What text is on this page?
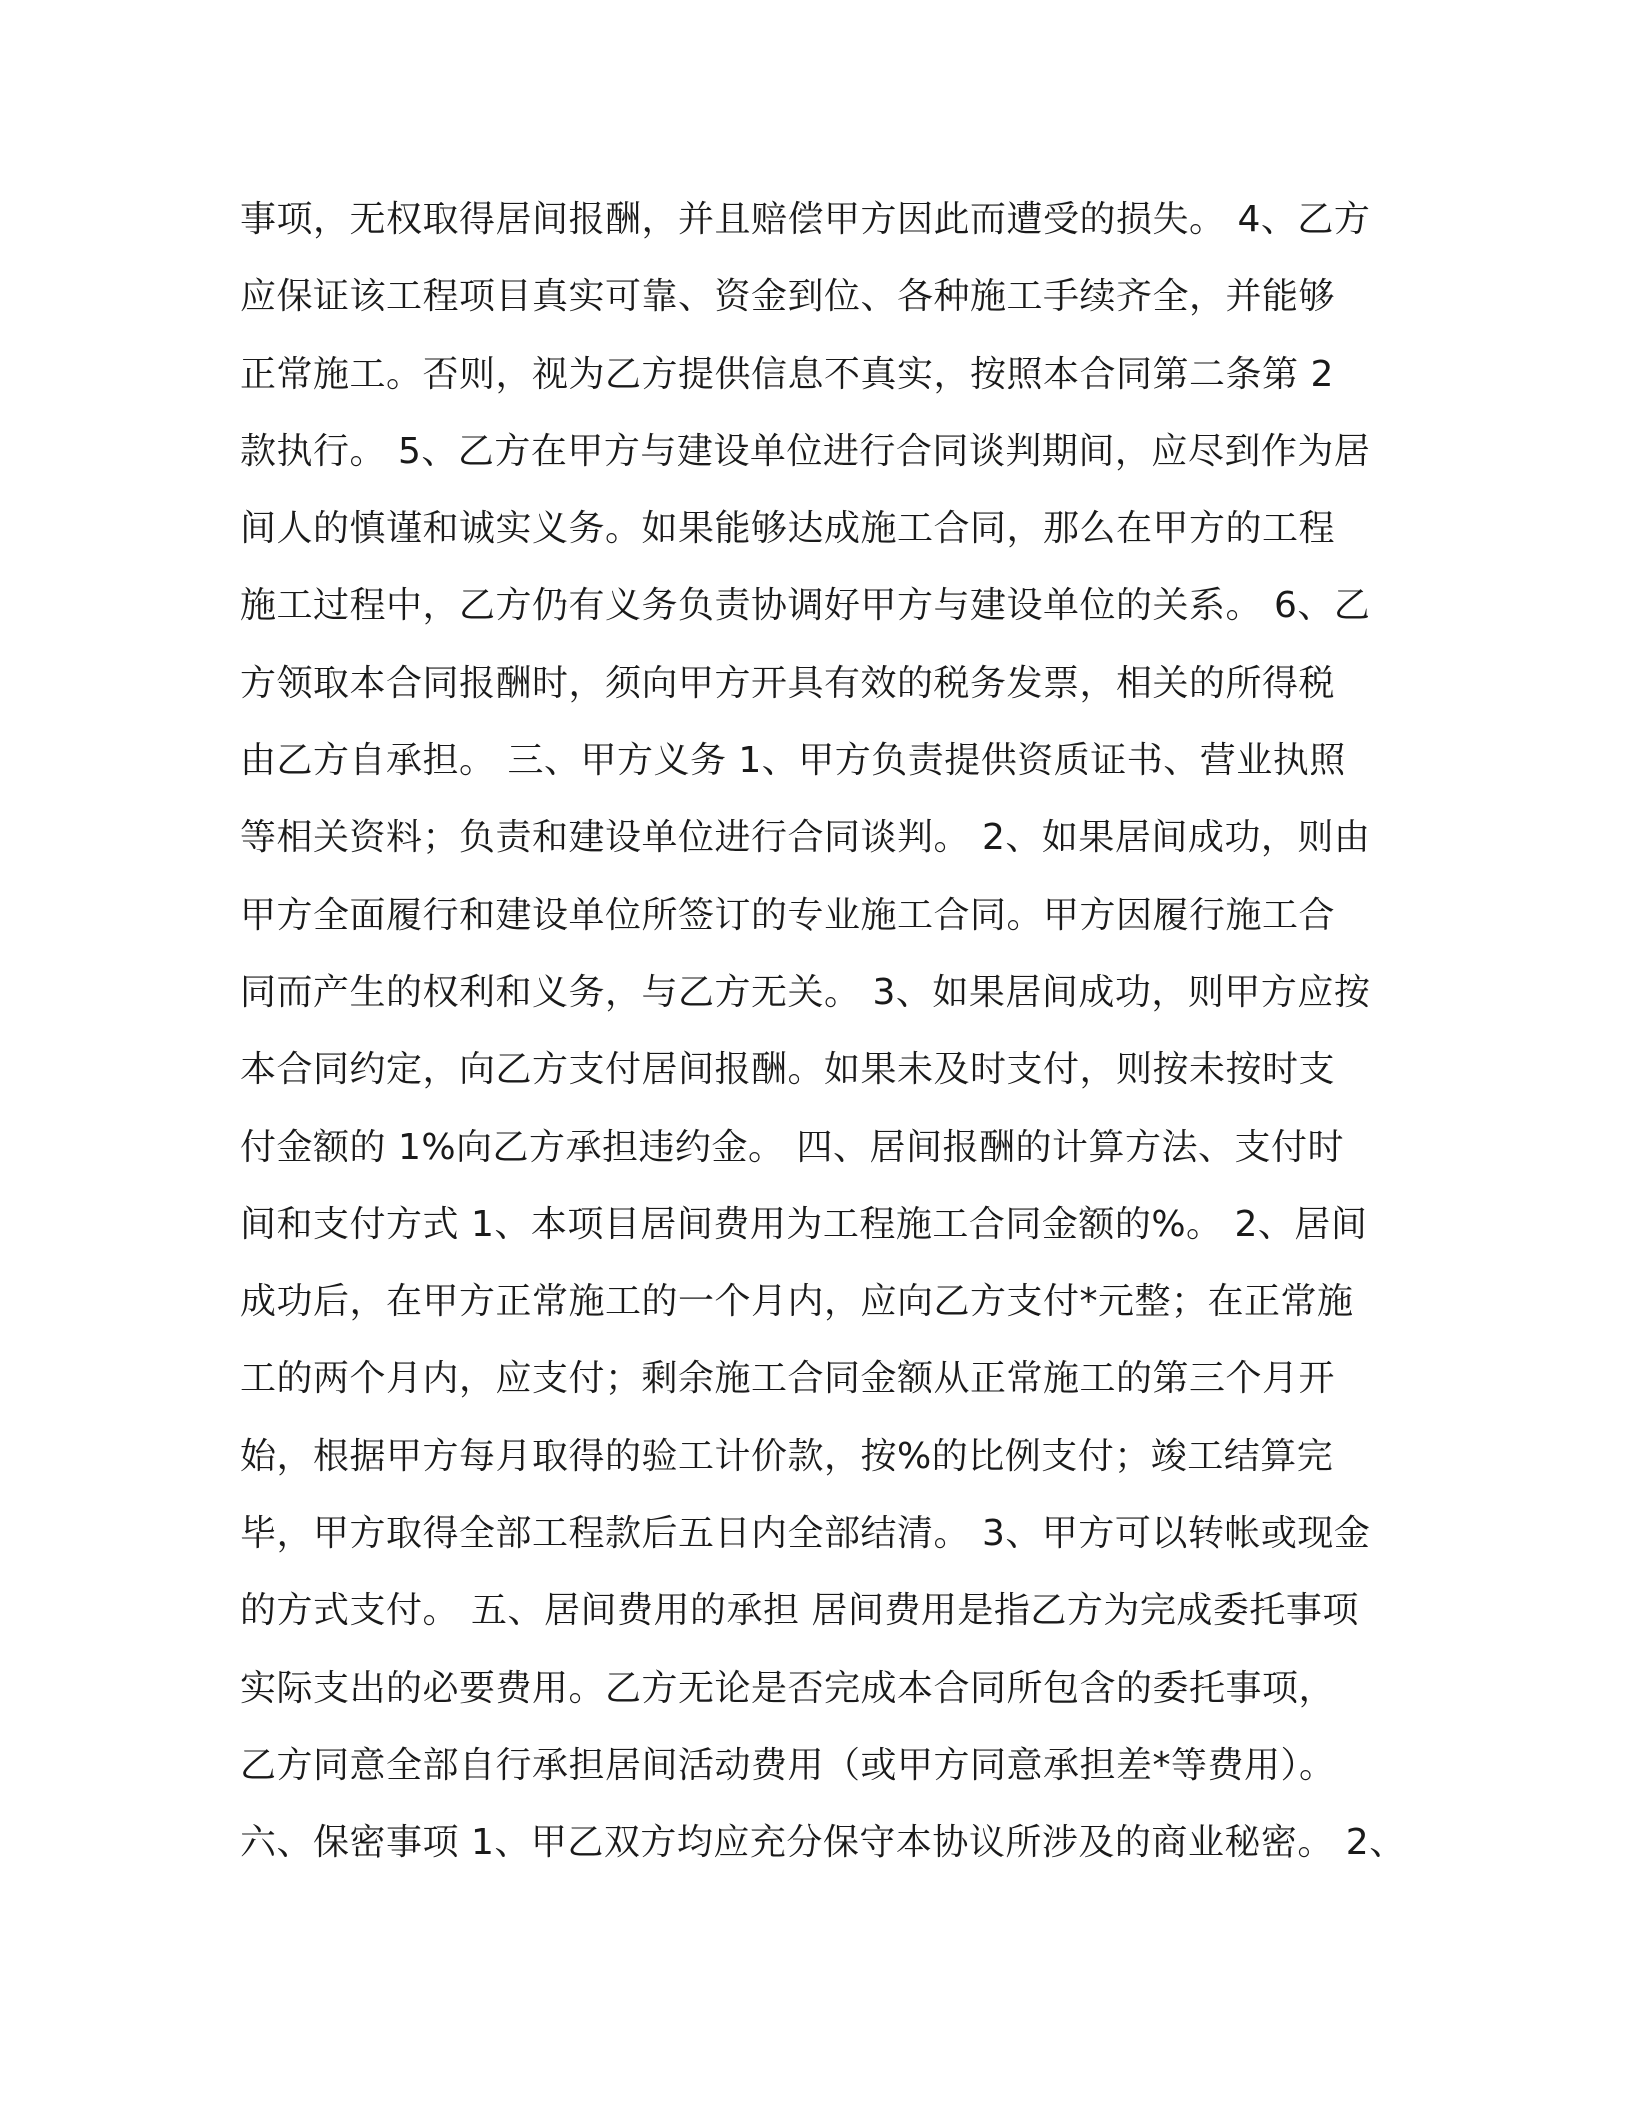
事项，无权取得居间报酬，并且赔偿甲方因此而遭受的损失。 4、乙方
应保证该工程项目真实可靠、资金到位、各种施工手续齐全，并能够
正常施工。否则，视为乙方提供信息不真实，按照本合同第二条第 2
款执行。 5、乙方在甲方与建设单位进行合同谈判期间，应尽到作为居
间人的慎谨和诚实义务。如果能够达成施工合同，那么在甲方的工程
施工过程中，乙方仍有义务负责协调好甲方与建设单位的关系。 6、乙
方领取本合同报酬时，须向甲方开具有效的税务发票，相关的所得税
由乙方自承担。 三、甲方义务 1、甲方负责提供资质证书、营业执照
等相关资料；负责和建设单位进行合同谈判。 2、如果居间成功，则由
甲方全面履行和建设单位所签订的专业施工合同。甲方因履行施工合
同而产生的权利和义务，与乙方无关。 3、如果居间成功，则甲方应按
本合同约定，向乙方支付居间报酬。如果未及时支付，则按未按时支
付金额的 1%向乙方承担违约金。 四、居间报酬的计算方法、支付时
间和支付方式 1、本项目居间费用为工程施工合同金额的%。 2、居间
成功后，在甲方正常施工的一个月内，应向乙方支付*元整；在正常施
工的两个月内，应支付；剩余施工合同金额从正常施工的第三个月开
始，根据甲方每月取得的验工计价款，按%的比例支付；竣工结算完
毕，甲方取得全部工程款后五日内全部结清。 3、甲方可以转帐或现金
的方式支付。 五、居间费用的承担 居间费用是指乙方为完成委托事项
实际支出的必要费用。乙方无论是否完成本合同所包含的委托事项，
乙方同意全部自行承担居间活动费用（或甲方同意承担差*等费用）。
六、保密事项 1、甲乙双方均应充分保守本协议所涉及的商业秘密。 2、
